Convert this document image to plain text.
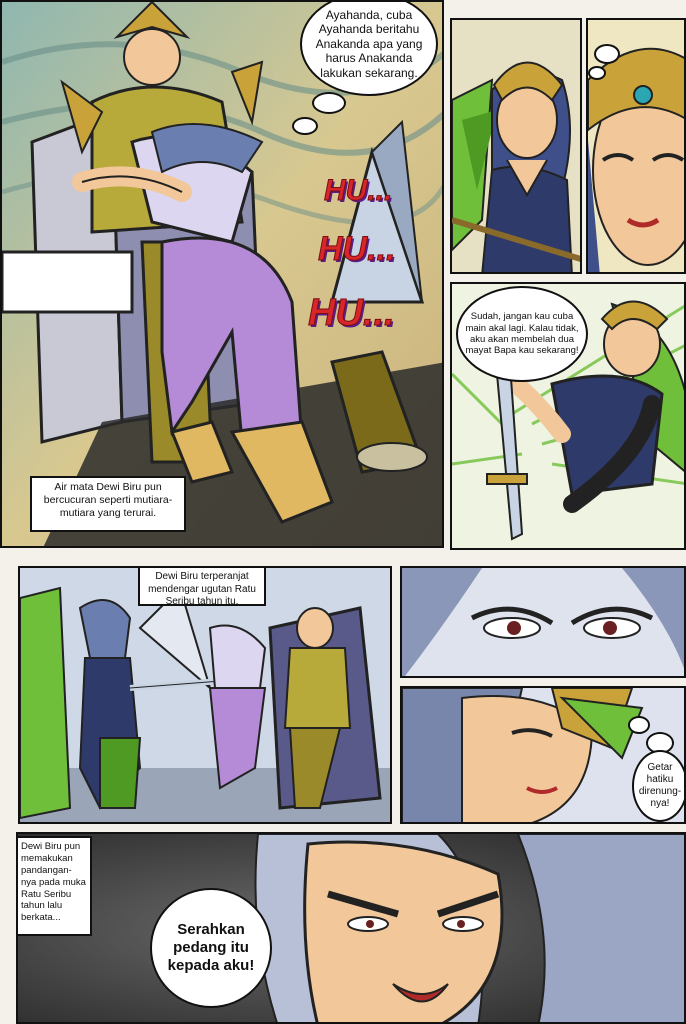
Ayahanda, cuba Ayahanda beritahu Anakanda apa yang harus Anakanda lakukan sekarang.
HU...
HU...
HU...
Air mata Dewi Biru pun bercucuran seperti mutiara-mutiara yang terurai.
Sudah, jangan kau cuba main akal lagi. Kalau tidak, aku akan membelah dua mayat Bapa kau sekarang!
Dewi Biru terperanjat mendengar ugutan Ratu Seribu tahun itu.
Getar hatiku direnung-nya!
Dewi Biru pun memakukan pandangan-nya pada muka Ratu Seribu tahun lalu berkata...
Serahkan pedang itu kepada aku!
